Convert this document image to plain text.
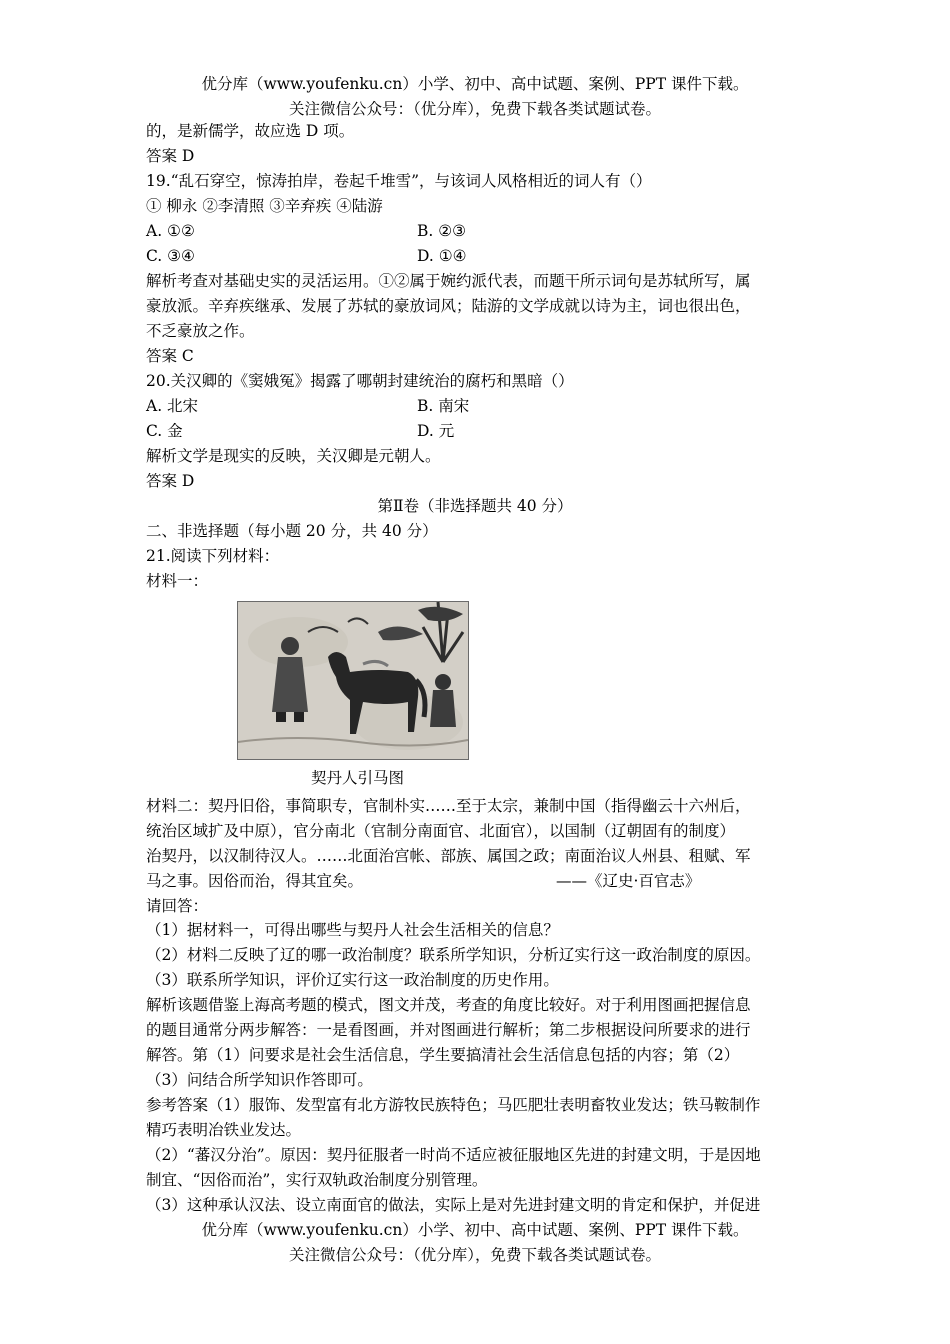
优分库（www.youfenku.cn）小学、初中、高中试题、案例、PPT 课件下载。
关注微信公众号：（优分库），免费下载各类试题试卷。
的，是新儒学，故应选 D 项。
答案 D
19.“乱石穿空，惊涛拍岸，卷起千堆雪”，与该词人风格相近的词人有（）
① 柳永 ②李清照 ③辛弃疾 ④陆游
A. ①②	B. ②③
C. ③④	D. ①④
解析考查对基础史实的灵活运用。①②属于婉约派代表，而题干所示词句是苏轼所写，属
豪放派。辛弃疾继承、发展了苏轼的豪放词风；陆游的文学成就以诗为主，词也很出色，
不乏豪放之作。
答案 C
20.关汉卿的《窦娥冤》揭露了哪朝封建统治的腐朽和黑暗（）
A. 北宋	B. 南宋
C. 金	D. 元
解析文学是现实的反映，关汉卿是元朝人。
答案 D
第Ⅱ卷（非选择题共 40 分）
二、非选择题（每小题 20 分，共 40 分）
21.阅读下列材料：
材料一：
契丹人引马图
材料二：契丹旧俗，事简职专，官制朴实……至于太宗，兼制中国（指得幽云十六州后，
统治区域扩及中原），官分南北（官制分南面官、北面官），以国制（辽朝固有的制度）
治契丹，以汉制待汉人。……北面治宫帐、部族、属国之政；南面治议人州县、租赋、军
马之事。因俗而治，得其宜矣。	——《辽史·百官志》
请回答：
（1）据材料一，可得出哪些与契丹人社会生活相关的信息？
（2）材料二反映了辽的哪一政治制度？联系所学知识，分析辽实行这一政治制度的原因。
（3）联系所学知识，评价辽实行这一政治制度的历史作用。
解析该题借鉴上海高考题的模式，图文并茂，考查的角度比较好。对于利用图画把握信息
的题目通常分两步解答：一是看图画，并对图画进行解析；第二步根据设问所要求的进行
解答。第（1）问要求是社会生活信息，学生要搞清社会生活信息包括的内容；第（2）
（3）问结合所学知识作答即可。
参考答案（1）服饰、发型富有北方游牧民族特色；马匹肥壮表明畜牧业发达；铁马鞍制作
精巧表明冶铁业发达。
（2）“蕃汉分治”。原因：契丹征服者一时尚不适应被征服地区先进的封建文明，于是因地
制宜、“因俗而治”，实行双轨政治制度分别管理。
（3）这种承认汉法、设立南面官的做法，实际上是对先进封建文明的肯定和保护，并促进
优分库（www.youfenku.cn）小学、初中、高中试题、案例、PPT 课件下载。
关注微信公众号：（优分库），免费下载各类试题试卷。
